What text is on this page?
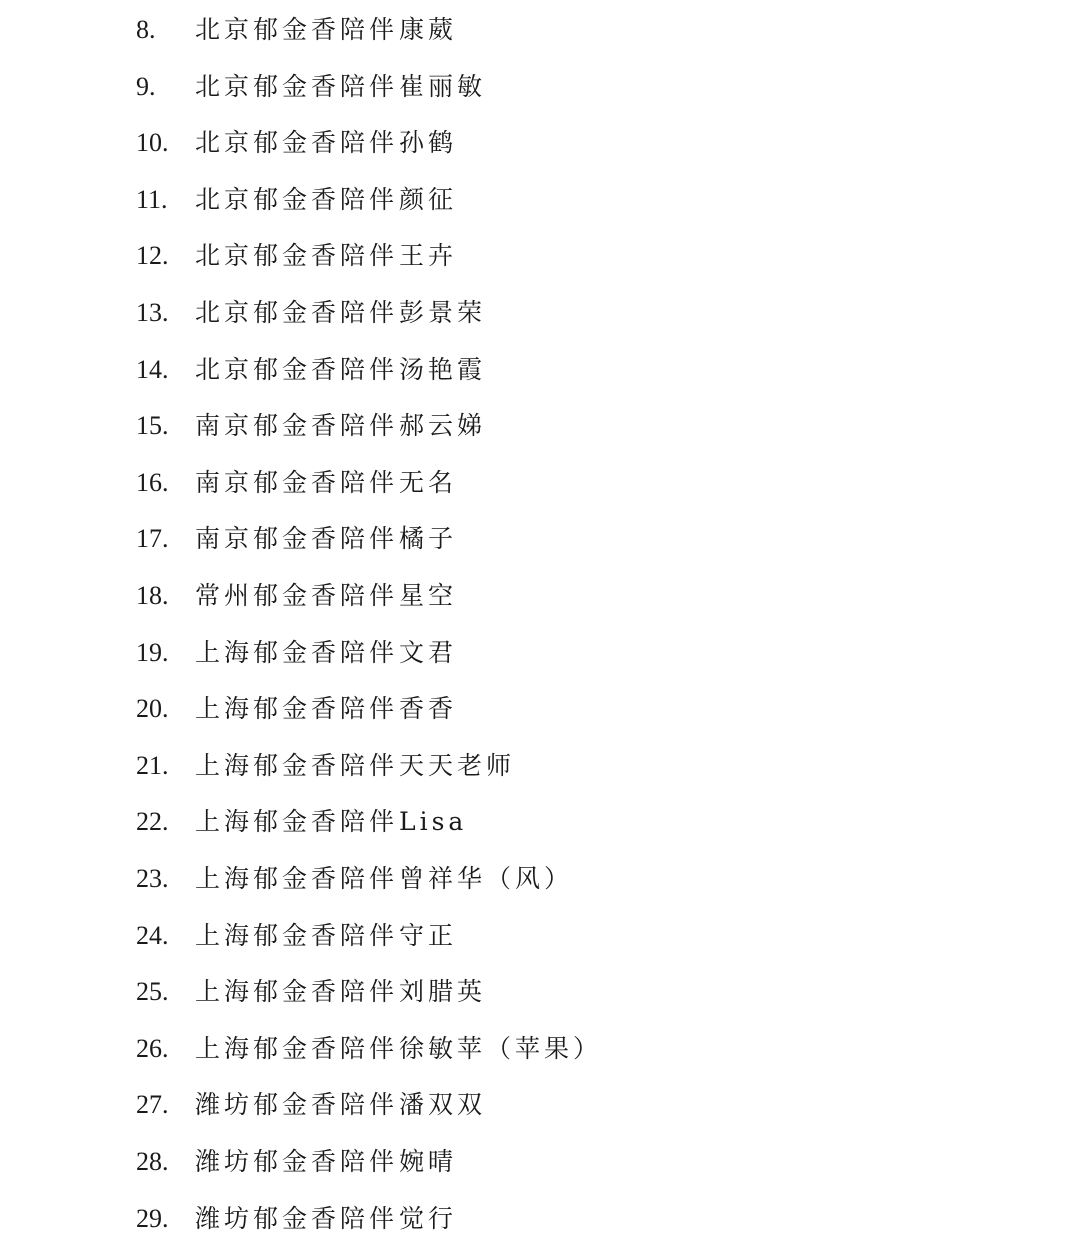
8. 北京郁金香陪伴 康葳
9. 北京郁金香陪伴 崔丽敏
10. 北京郁金香陪伴 孙鹤
11. 北京郁金香陪伴 颜征
12. 北京郁金香陪伴 王卉
13. 北京郁金香陪伴 彭景荣
14. 北京郁金香陪伴 汤艳霞
15. 南京郁金香陪伴 郝云娣
16. 南京郁金香陪伴 无名
17. 南京郁金香陪伴 橘子
18. 常州郁金香陪伴 星空
19. 上海郁金香陪伴 文君
20. 上海郁金香陪伴 香香
21. 上海郁金香陪伴 天天老师
22. 上海郁金香陪伴 Lisa
23. 上海郁金香陪伴 曾祥华（风）
24. 上海郁金香陪伴 守正
25. 上海郁金香陪伴 刘腊英
26. 上海郁金香陪伴 徐敏苹（苹果）
27. 潍坊郁金香陪伴 潘双双
28. 潍坊郁金香陪伴 婉晴
29. 潍坊郁金香陪伴 觉行
